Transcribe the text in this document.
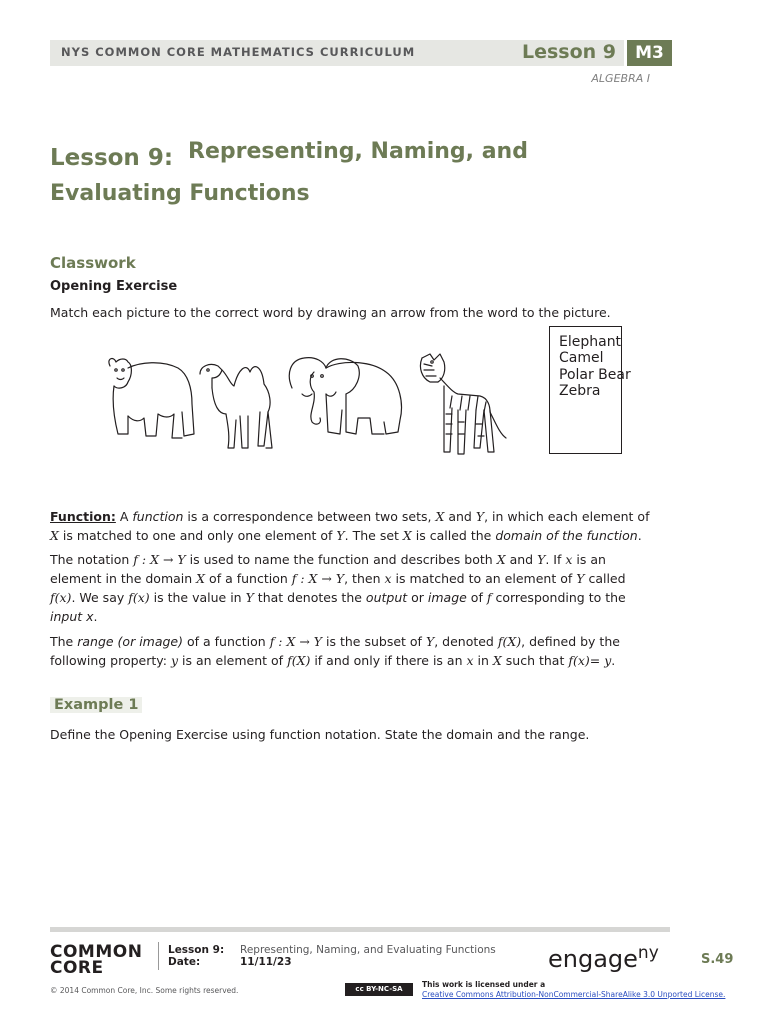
NYS COMMON CORE MATHEMATICS CURRICULUM	Lesson 9	M3
ALGEBRA I
Lesson 9: Representing, Naming, and
Evaluating Functions
Classwork
Opening Exercise
Match each picture to the correct word by drawing an arrow from the word to the picture.
Elephant
Camel
Polar Bear
Zebra
Function: A function is a correspondence between two sets, X and Y, in which each element of
X is matched to one and only one element of Y. The set X is called the domain of the function.
The notation f : X → Y is used to name the function and describes both X and Y. If x is an
element in the domain X of a function f : X → Y, then x is matched to an element of Y called
f(x). We say f(x) is the value in Y that denotes the output or image of f corresponding to the
input x.
The range (or image) of a function f : X → Y is the subset of Y, denoted f(X), defined by the
following property: y is an element of f(X) if and only if there is an x in X such that f(x)= y.
Example 1
Define the Opening Exercise using function notation. State the domain and the range.
COMMON
CORE
Lesson 9: Representing, Naming, and Evaluating Functions
Date:	11/11/23	engage$^{ny}$	S.49
© 2014 Common Core, Inc. Some rights reserved.	cc BY-NC-SA	This work is licensed under a
Creative Commons Attribution-NonCommercial-ShareAlike 3.0 Unported License.
